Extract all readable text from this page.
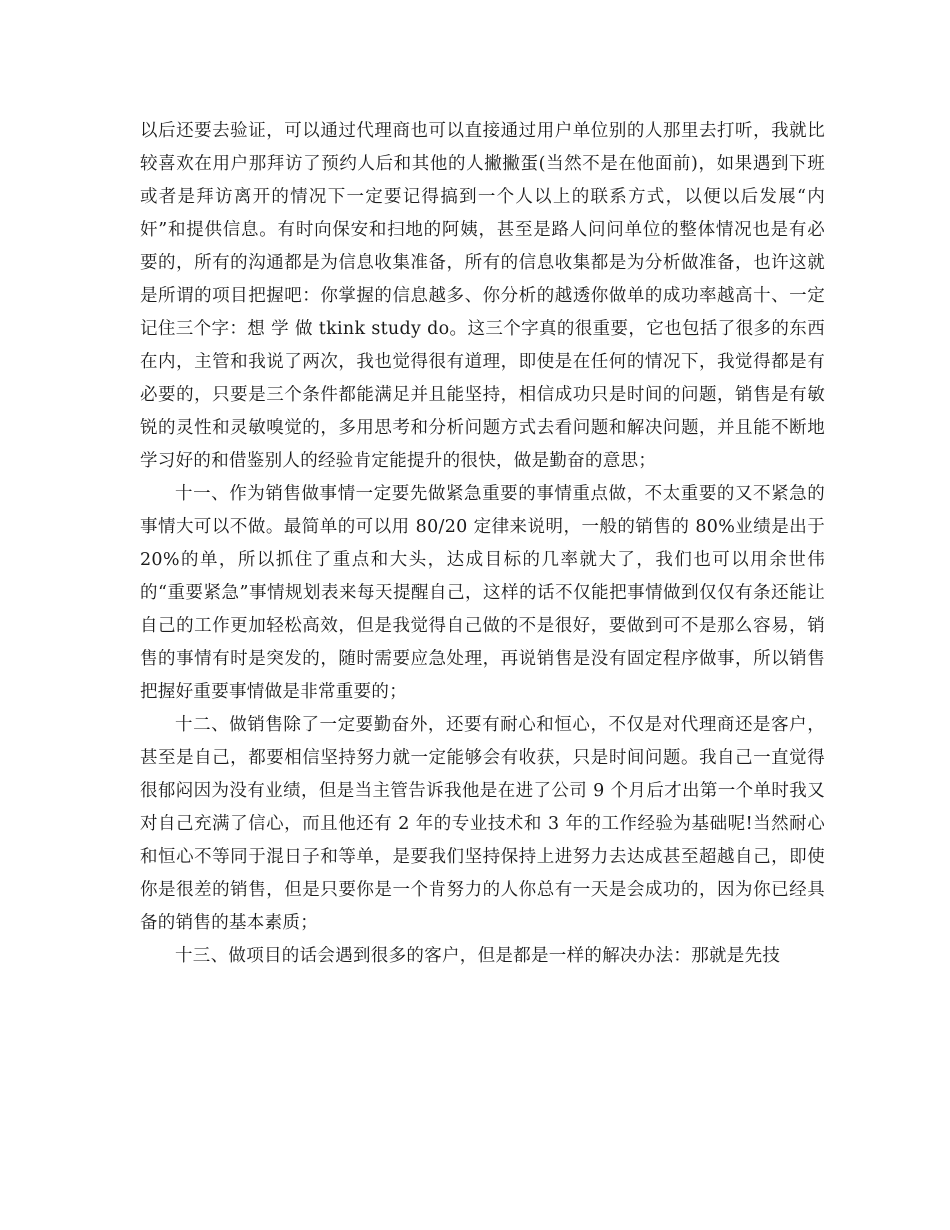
以后还要去验证，可以通过代理商也可以直接通过用户单位别的人那里去打听，我就比较喜欢在用户那拜访了预约人后和其他的人撇撇蛋(当然不是在他面前)，如果遇到下班或者是拜访离开的情况下一定要记得搞到一个人以上的联系方式，以便以后发展“内奸”和提供信息。有时向保安和扫地的阿姨，甚至是路人问问单位的整体情况也是有必要的，所有的沟通都是为信息收集准备，所有的信息收集都是为分析做准备，也许这就是所谓的项目把握吧：你掌握的信息越多、你分析的越透你做单的成功率越高十、一定记住三个字：想 学 做 tkink study do。这三个字真的很重要，它也包括了很多的东西在内，主管和我说了两次，我也觉得很有道理，即使是在任何的情况下，我觉得都是有必要的，只要是三个条件都能满足并且能坚持，相信成功只是时间的问题，销售是有敏锐的灵性和灵敏嗅觉的，多用思考和分析问题方式去看问题和解决问题，并且能不断地学习好的和借鉴别人的经验肯定能提升的很快，做是勤奋的意思；

十一、作为销售做事情一定要先做紧急重要的事情重点做，不太重要的又不紧急的事情大可以不做。最简单的可以用 80/20 定律来说明，一般的销售的 80%业绩是出于 20%的单，所以抓住了重点和大头，达成目标的几率就大了，我们也可以用余世伟的“重要紧急”事情规划表来每天提醒自己，这样的话不仅能把事情做到仅仅有条还能让自己的工作更加轻松高效，但是我觉得自己做的不是很好，要做到可不是那么容易，销售的事情有时是突发的，随时需要应急处理，再说销售是没有固定程序做事，所以销售把握好重要事情做是非常重要的；

十二、做销售除了一定要勤奋外，还要有耐心和恒心，不仅是对代理商还是客户，甚至是自己，都要相信坚持努力就一定能够会有收获，只是时间问题。我自己一直觉得很郁闷因为没有业绩，但是当主管告诉我他是在进了公司 9 个月后才出第一个单时我又对自己充满了信心，而且他还有 2 年的专业技术和 3 年的工作经验为基础呢!当然耐心和恒心不等同于混日子和等单，是要我们坚持保持上进努力去达成甚至超越自己，即使你是很差的销售，但是只要你是一个肯努力的人你总有一天是会成功的，因为你已经具备的销售的基本素质；

十三、做项目的话会遇到很多的客户，但是都是一样的解决办法：那就是先技
